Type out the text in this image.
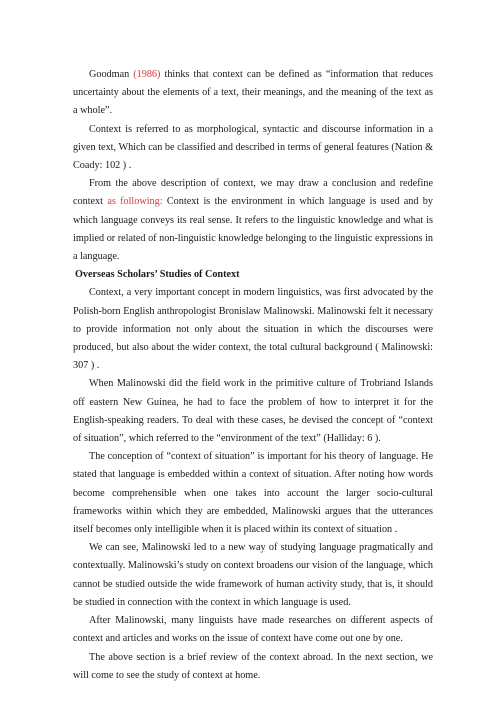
Goodman (1986) thinks that context can be defined as “information that reduces uncertainty about the elements of a text, their meanings, and the meaning of the text as a whole”.

Context is referred to as morphological, syntactic and discourse information in a given text, Which can be classified and described in terms of general features (Nation & Coady: 102 ) .

From the above description of context, we may draw a conclusion and redefine context as following: Context is the environment in which language is used and by which language conveys its real sense. It refers to the linguistic knowledge and what is implied or related of non-linguistic knowledge belonging to the linguistic expressions in a language.

Overseas Scholars’ Studies of Context

Context, a very important concept in modern linguistics, was first advocated by the Polish-born English anthropologist Bronislaw Malinowski. Malinowski felt it necessary to provide information not only about the situation in which the discourses were produced, but also about the wider context, the total cultural background ( Malinowski: 307 ) .

When Malinowski did the field work in the primitive culture of Trobriand Islands off eastern New Guinea, he had to face the problem of how to interpret it for the English-speaking readers. To deal with these cases, he devised the concept of “context of situation”, which referred to the “environment of the text” (Halliday: 6 ).

The conception of “context of situation” is important for his theory of language. He stated that language is embedded within a context of situation. After noting how words become comprehensible when one takes into account the larger socio-cultural frameworks within which they are embedded, Malinowski argues that the utterances itself becomes only intelligible when it is placed within its context of situation .

We can see, Malinowski led to a new way of studying language pragmatically and contextually. Malinowski’s study on context broadens our vision of the language, which cannot be studied outside the wide framework of human activity study, that is, it should be studied in connection with the context in which language is used.

After Malinowski, many linguists have made researches on different aspects of context and articles and works on the issue of context have come out one by one.

The above section is a brief review of the context abroad. In the next section, we will come to see the study of context at home.
